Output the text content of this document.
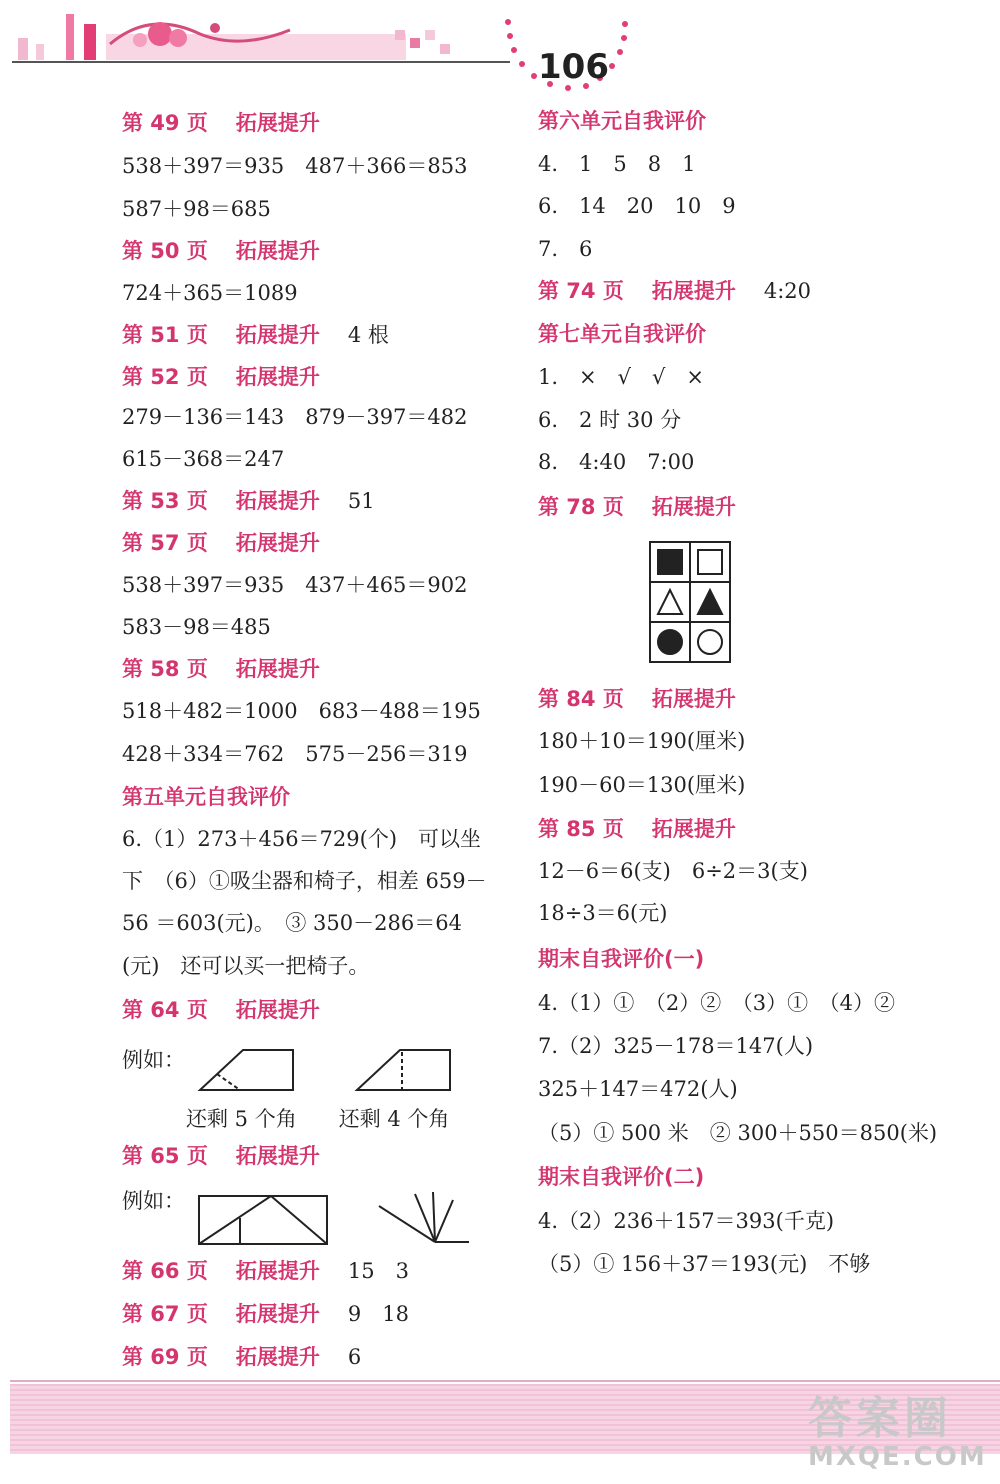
106
第 49 页 拓展提升
538＋397＝935　487＋366＝853
587＋98＝685
第 50 页 拓展提升
724＋365＝1089
第 51 页 拓展提升 4 根
第 52 页 拓展提升
279－136＝143　879－397＝482
615－368＝247
第 53 页 拓展提升 51
第 57 页 拓展提升
538＋397＝935　437＋465＝902
583－98＝485
第 58 页 拓展提升
518＋482＝1000　683－488＝195
428＋334＝762　575－256＝319
第五单元自我评价
6.（1）273＋456＝729(个)　可以坐
下　（6）①吸尘器和椅子，相差 659－
56 ＝603(元)。　③ 350－286＝64
(元)　还可以买一把椅子。
第 64 页 拓展提升
例如：
还剩 5 个角　　还剩 4 个角
第 65 页 拓展提升
例如：
第 66 页 拓展提升 15　3
第 67 页 拓展提升 9　18
第 69 页 拓展提升 6
第六单元自我评价
4.　1　5　8　1
6.　14　20　10　9
7.　6
第 74 页 拓展提升 4:20
第七单元自我评价
1.　×　√　√　×
6.　2 时 30 分
8.　4:40　7:00
第 78 页 拓展提升
第 84 页 拓展提升
180＋10＝190(厘米)
190－60＝130(厘米)
第 85 页 拓展提升
12－6＝6(支)　6÷2＝3(支)
18÷3＝6(元)
期末自我评价(一)
4.（1）①　（2）②　（3）①　（4）②
7.（2）325－178＝147(人)
325＋147＝472(人)
（5）① 500 米　② 300＋550＝850(米)
期末自我评价(二)
4.（2）236＋157＝393(千克)
（5）① 156＋37＝193(元)　不够
答案圈
MXQE.COM
